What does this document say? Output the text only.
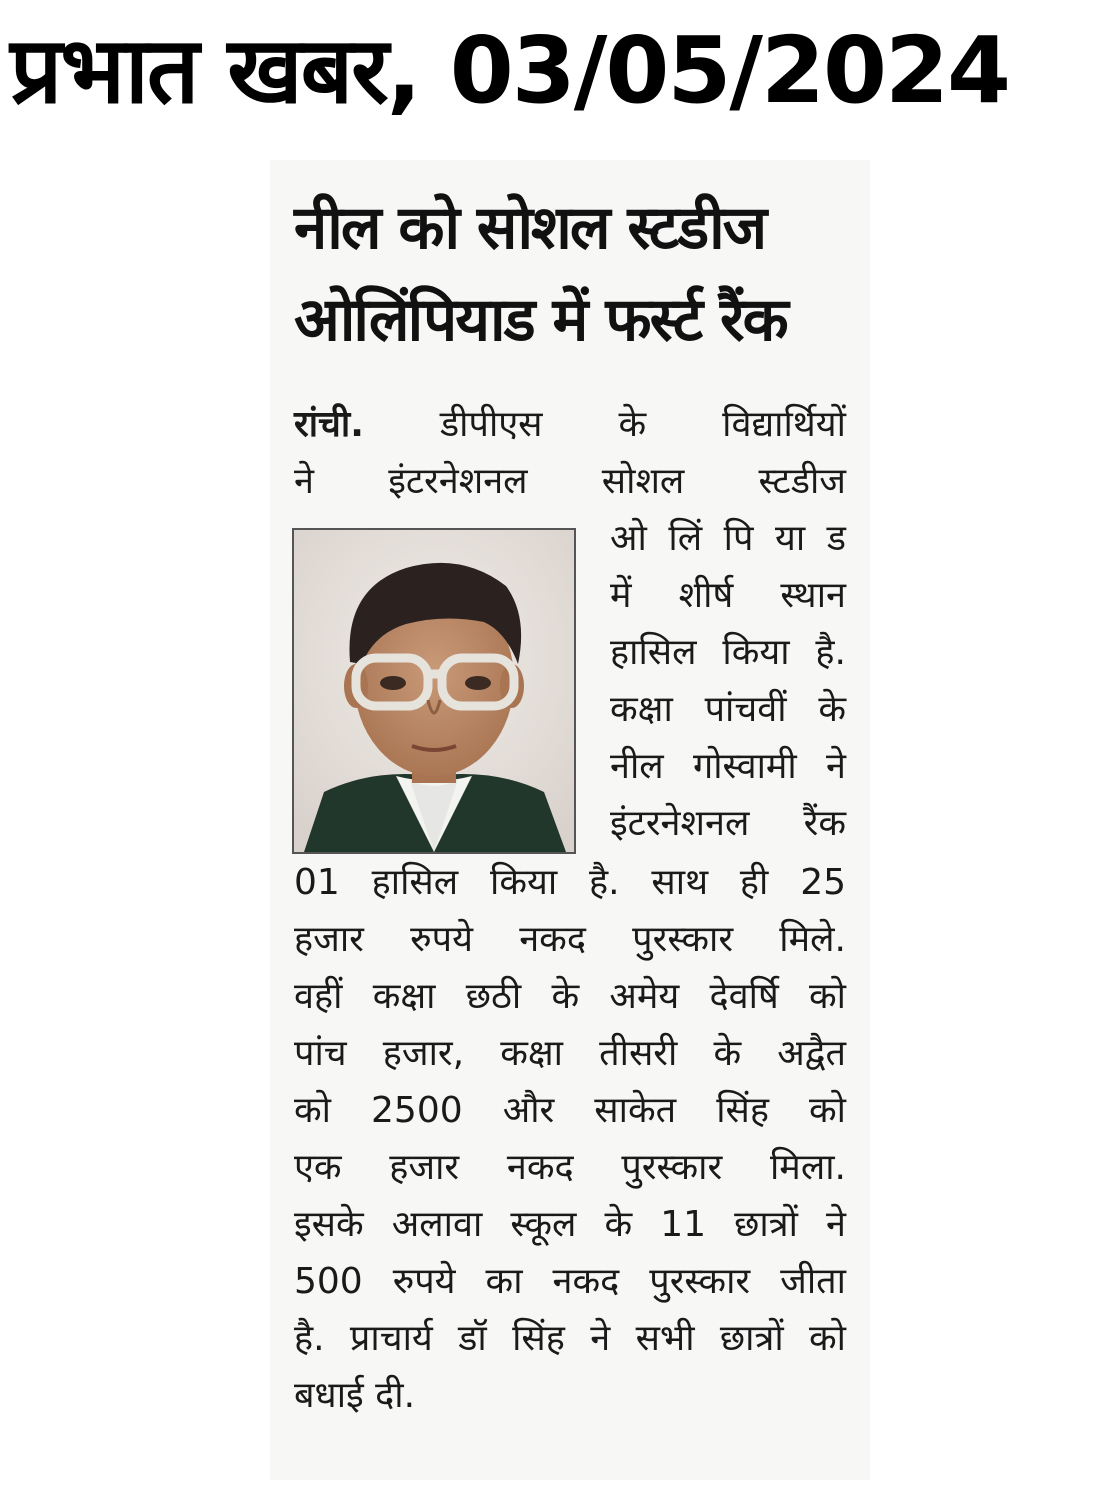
प्रभात खबर, 03/05/2024
नील को सोशल स्टडीज
ओलिंपियाड में फर्स्ट रैंक
रांची. डीपीएस के विद्यार्थियों
ने इंटरनेशनल सोशल स्टडीज
ओ लिं पि या ड
में शीर्ष स्थान
हासिल किया है.
कक्षा पांचवीं के
नील गोस्वामी ने
इंटरनेशनल रैंक
01 हासिल किया है. साथ ही 25
हजार रुपये नकद पुरस्कार मिले.
वहीं कक्षा छठी के अमेय देवर्षि को
पांच हजार, कक्षा तीसरी के अद्वैत
को 2500 और साकेत सिंह को
एक हजार नकद पुरस्कार मिला.
इसके अलावा स्कूल के 11 छात्रों ने
500 रुपये का नकद पुरस्कार जीता
है. प्राचार्य डॉ सिंह ने सभी छात्रों को
बधाई दी.
